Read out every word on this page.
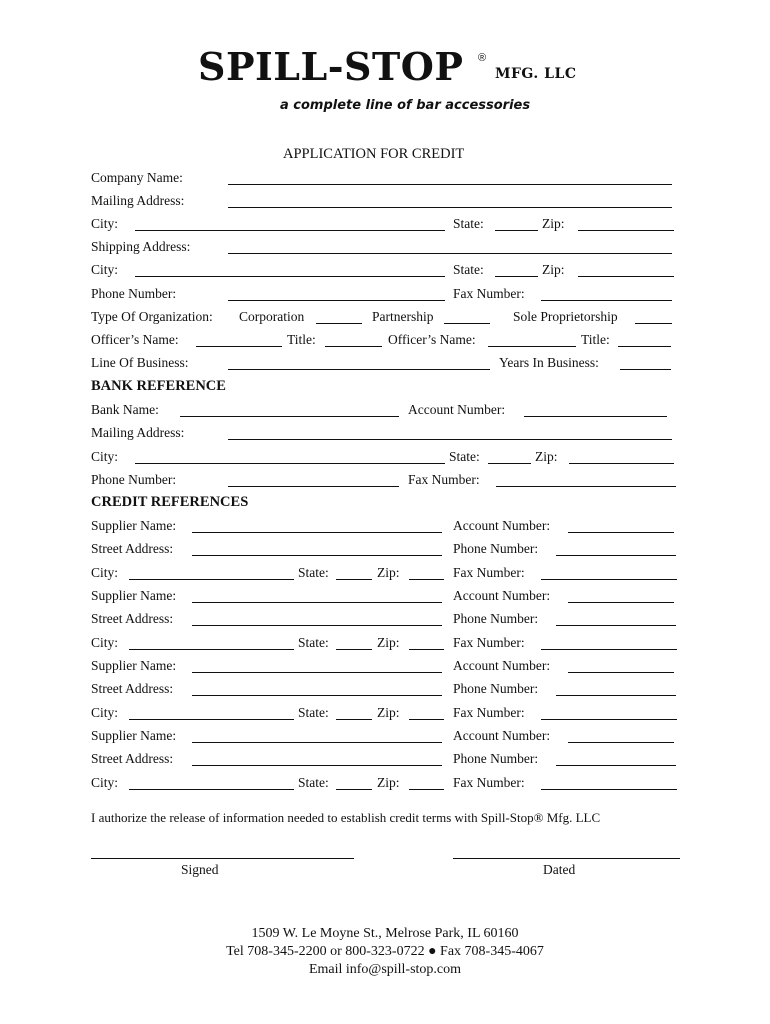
SPILL-STOP ®
MFG. LLC
a complete line of bar accessories
APPLICATION FOR CREDIT
Company Name:
Mailing Address:
City:	State:	Zip:
Shipping Address:
City:	State:	Zip:
Phone Number:	Fax Number:
Type Of Organization: Corporation	Partnership	Sole Proprietorship
Officer’s Name:	Title:	Officer’s Name:	Title:
Line Of Business:	Years In Business:
BANK REFERENCE
Bank Name:	Account Number:
Mailing Address:
City:	State:	Zip:
Phone Number:	Fax Number:
CREDIT REFERENCES
Supplier Name:	Account Number:
Street Address:	Phone Number:
City:	State:	Zip:	Fax Number:
Supplier Name:	Account Number:
Street Address:	Phone Number:
City:	State:	Zip:	Fax Number:
Supplier Name:	Account Number:
Street Address:	Phone Number:
City:	State:	Zip:	Fax Number:
Supplier Name:	Account Number:
Street Address:	Phone Number:
City:	State:	Zip:	Fax Number:
I authorize the release of information needed to establish credit terms with Spill-Stop® Mfg. LLC
Signed	Dated
1509 W. Le Moyne St., Melrose Park, IL 60160
Tel 708-345-2200 or 800-323-0722 ● Fax 708-345-4067
Email info@spill-stop.com
